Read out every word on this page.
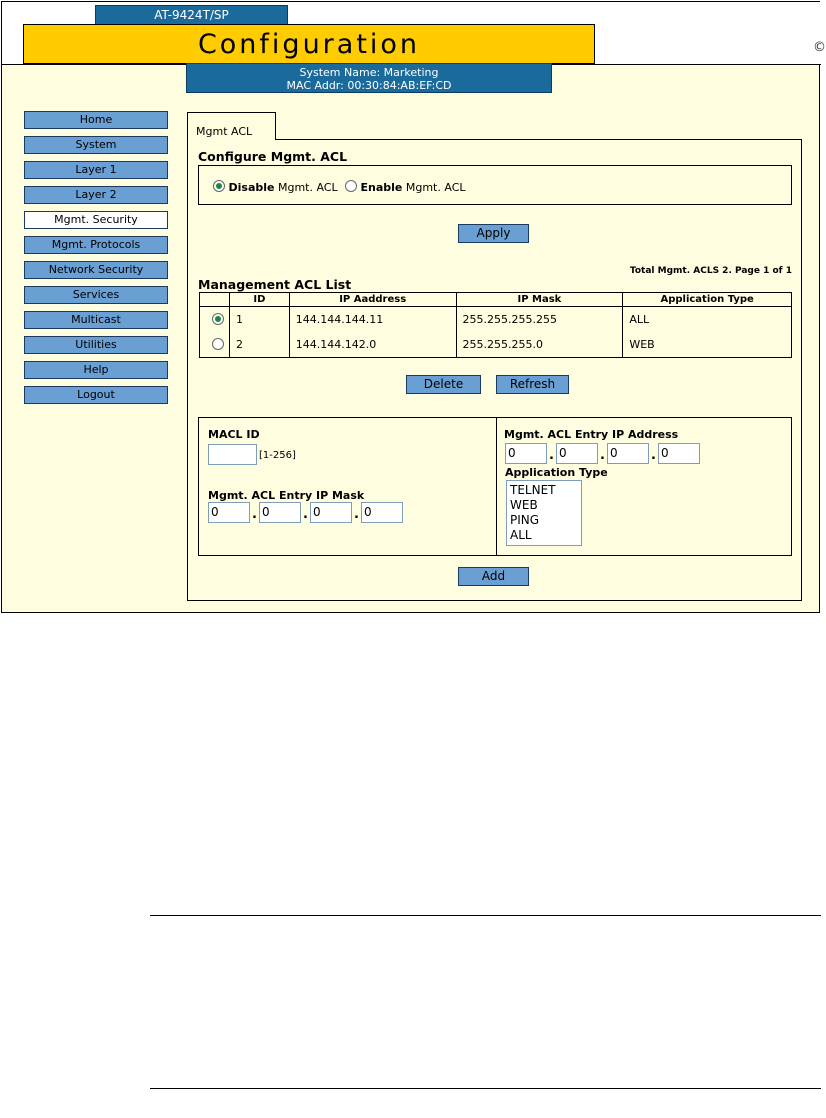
AT-9424T/SP
Configuration
System Name: Marketing
MAC Addr: 00:30:84:AB:EF:CD
©
Home
System
Layer 1
Layer 2
Mgmt. Security
Mgmt. Protocols
Network Security
Services
Multicast
Utilities
Help
Logout
Mgmt ACL
Configure Mgmt. ACL
Disable Mgmt. ACL	Enable Mgmt. ACL
Apply
Total Mgmt. ACLS 2. Page 1 of 1
Management ACL List
	ID	IP Aaddress	IP Mask	Application Type
	1	144.144.144.11	255.255.255.255	ALL
	2	144.144.142.0	255.255.255.0	WEB
Delete	Refresh
MACL ID
[1-256]
Mgmt. ACL Entry IP Mask
0	. 0	. 0	. 0
Mgmt. ACL Entry IP Address
0	. 0	. 0	. 0
Application Type
TELNET
WEB
PING
ALL
Add
